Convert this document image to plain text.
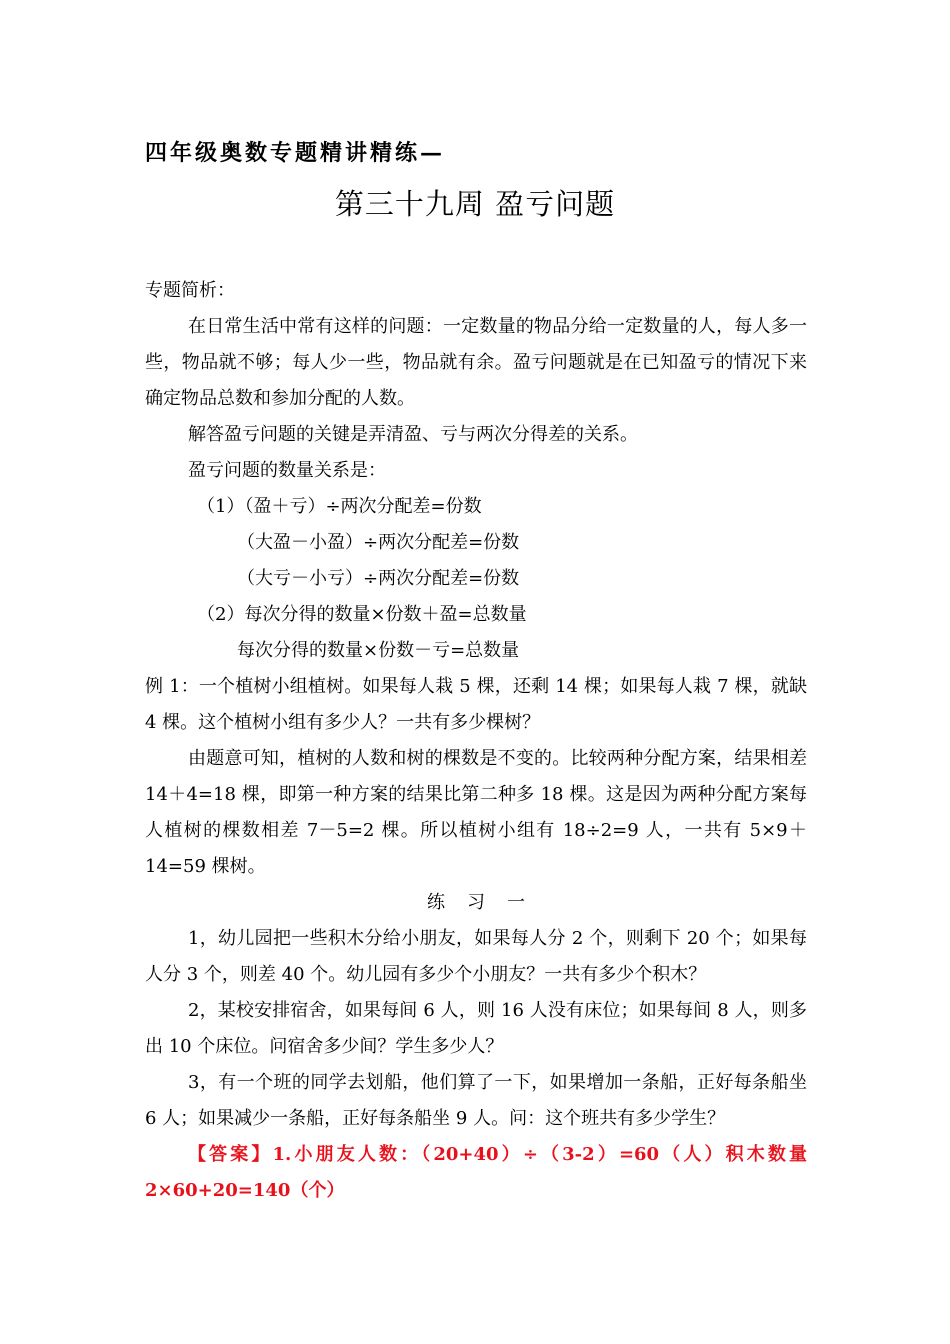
四年级奥数专题精讲精练—
第三十九周 盈亏问题
专题简析：
在日常生活中常有这样的问题：一定数量的物品分给一定数量的人，每人多一些，物品就不够；每人少一些，物品就有余。盈亏问题就是在已知盈亏的情况下来确定物品总数和参加分配的人数。
解答盈亏问题的关键是弄清盈、亏与两次分得差的关系。
盈亏问题的数量关系是：
（1）（盈＋亏）÷两次分配差=份数
（大盈－小盈）÷两次分配差=份数
（大亏－小亏）÷两次分配差=份数
（2）每次分得的数量×份数＋盈=总数量
每次分得的数量×份数－亏=总数量
例 1：一个植树小组植树。如果每人栽 5 棵，还剩 14 棵；如果每人栽 7 棵，就缺 4 棵。这个植树小组有多少人？一共有多少棵树？
由题意可知，植树的人数和树的棵数是不变的。比较两种分配方案，结果相差 14＋4=18 棵，即第一种方案的结果比第二种多 18 棵。这是因为两种分配方案每人植树的棵数相差 7－5=2 棵。所以植树小组有 18÷2=9 人，一共有 5×9＋14=59 棵树。
练习一
1，幼儿园把一些积木分给小朋友，如果每人分 2 个，则剩下 20 个；如果每人分 3 个，则差 40 个。幼儿园有多少个小朋友？一共有多少个积木？
2，某校安排宿舍，如果每间 6 人，则 16 人没有床位；如果每间 8 人，则多出 10 个床位。问宿舍多少间？学生多少人？
3，有一个班的同学去划船，他们算了一下，如果增加一条船，正好每条船坐 6 人；如果减少一条船，正好每条船坐 9 人。问：这个班共有多少学生？
【答案】1.小朋友人数：（20+40）÷（3-2）=60（人）积木数量 2×60+20=140（个）
